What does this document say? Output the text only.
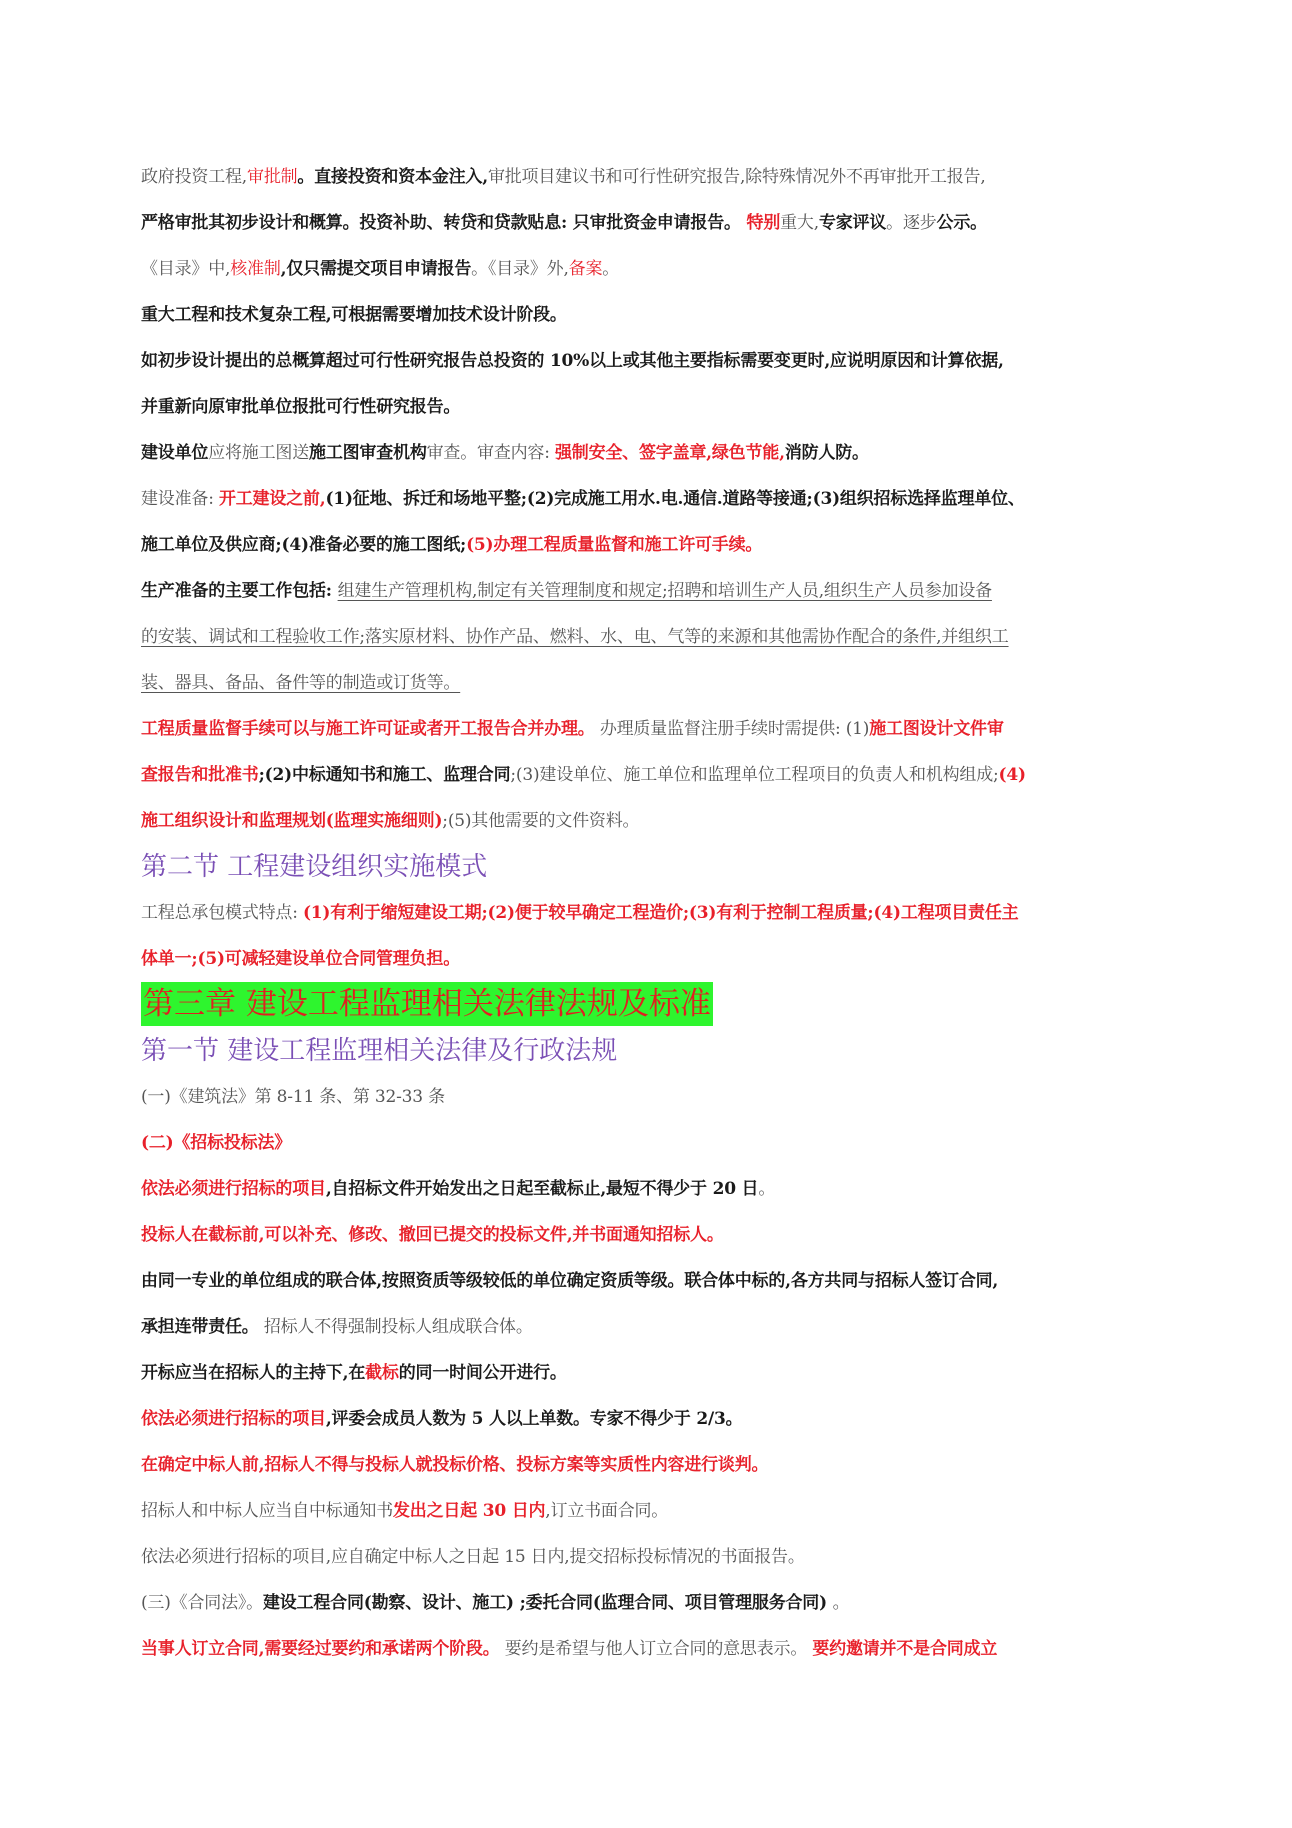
政府投资工程,审批制。直接投资和资本金注入,审批项目建议书和可行性研究报告,除特殊情况外不再审批开工报告,
严格审批其初步设计和概算。投资补助、转贷和贷款贴息: 只审批资金申请报告。 特别重大,专家评议。逐步公示。
《目录》中,核准制,仅只需提交项目申请报告。《目录》外,备案。
重大工程和技术复杂工程,可根据需要增加技术设计阶段。
如初步设计提出的总概算超过可行性研究报告总投资的 10%以上或其他主要指标需要变更时,应说明原因和计算依据,
并重新向原审批单位报批可行性研究报告。
建设单位应将施工图送施工图审查机构审查。审查内容: 强制安全、签字盖章,绿色节能,消防人防。
建设准备: 开工建设之前,(1)征地、拆迁和场地平整;(2)完成施工用水.电.通信.道路等接通;(3)组织招标选择监理单位、
施工单位及供应商;(4)准备必要的施工图纸;(5)办理工程质量监督和施工许可手续。
生产准备的主要工作包括: 组建生产管理机构,制定有关管理制度和规定;招聘和培训生产人员,组织生产人员参加设备
的安装、调试和工程验收工作;落实原材料、协作产品、燃料、水、电、气等的来源和其他需协作配合的条件,并组织工
装、器具、备品、备件等的制造或订货等。
工程质量监督手续可以与施工许可证或者开工报告合并办理。 办理质量监督注册手续时需提供: (1)施工图设计文件审
查报告和批准书;(2)中标通知书和施工、监理合同;(3)建设单位、施工单位和监理单位工程项目的负责人和机构组成;(4)
施工组织设计和监理规划(监理实施细则);(5)其他需要的文件资料。
第二节 工程建设组织实施模式
工程总承包模式特点: (1)有利于缩短建设工期;(2)便于较早确定工程造价;(3)有利于控制工程质量;(4)工程项目责任主
体单一;(5)可减轻建设单位合同管理负担。
第三章 建设工程监理相关法律法规及标准
第一节 建设工程监理相关法律及行政法规
(一)《建筑法》第 8-11 条、第 32-33 条
(二)《招标投标法》
依法必须进行招标的项目,自招标文件开始发出之日起至截标止,最短不得少于 20 日。
投标人在截标前,可以补充、修改、撤回已提交的投标文件,并书面通知招标人。
由同一专业的单位组成的联合体,按照资质等级较低的单位确定资质等级。联合体中标的,各方共同与招标人签订合同,
承担连带责任。 招标人不得强制投标人组成联合体。
开标应当在招标人的主持下,在截标的同一时间公开进行。
依法必须进行招标的项目,评委会成员人数为 5 人以上单数。专家不得少于 2/3。
在确定中标人前,招标人不得与投标人就投标价格、投标方案等实质性内容进行谈判。
招标人和中标人应当自中标通知书发出之日起 30 日内,订立书面合同。
依法必须进行招标的项目,应自确定中标人之日起 15 日内,提交招标投标情况的书面报告。
(三)《合同法》。建设工程合同(勘察、设计、施工) ;委托合同(监理合同、项目管理服务合同) 。
当事人订立合同,需要经过要约和承诺两个阶段。 要约是希望与他人订立合同的意思表示。 要约邀请并不是合同成立
